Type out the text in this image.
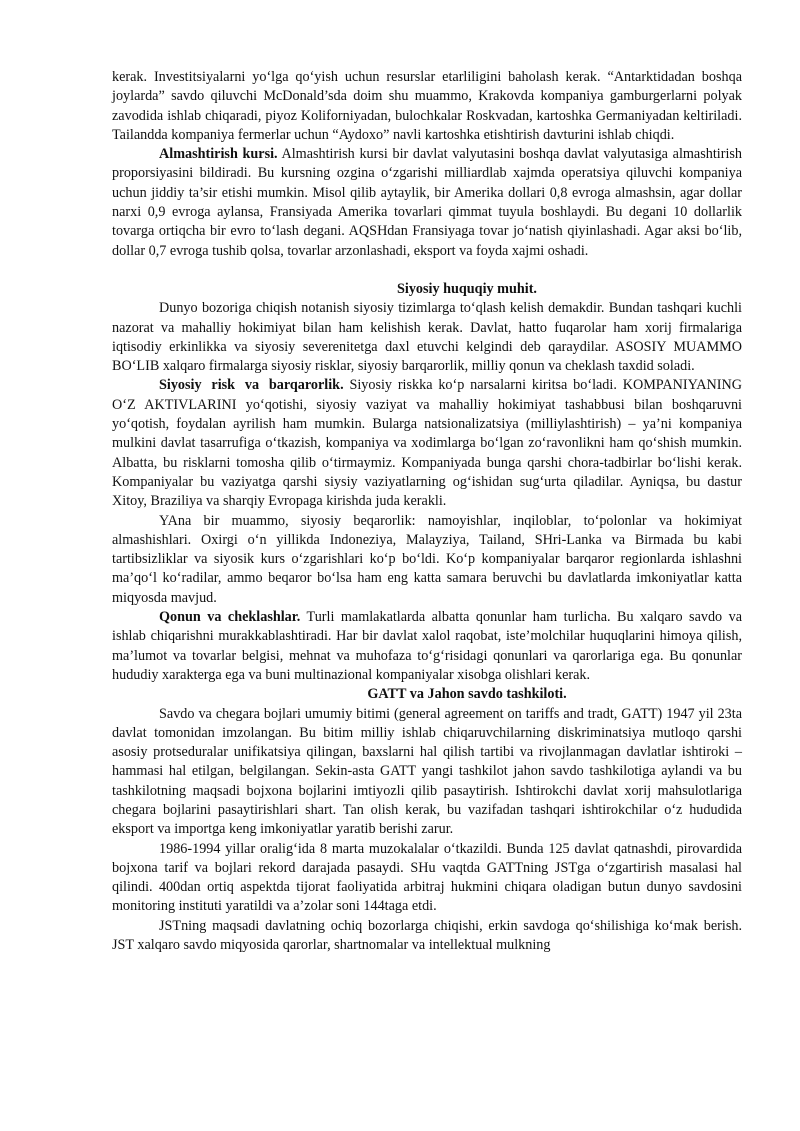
kerak. Investitsiyalarni yo‘lga qo‘yish uchun resurslar etarliligini baholash kerak. “Antarktidadan boshqa joylarda” savdo qiluvchi McDonald’sda doim shu muammo, Krakovda kompaniya gamburgerlarni polyak zavodida ishlab chiqaradi, piyoz Koliforniyadan, bulochkalar Roskvadan, kartoshka Germaniyadan keltiriladi. Tailandda kompaniya fermerlar uchun “Aydoxo” navli kartoshka etishtirish davturini ishlab chiqdi.

Almashtirish kursi. Almashtirish kursi bir davlat valyutasini boshqa davlat valyutasiga almashtirish proporsiyasini bildiradi. Bu kursning ozgina o‘zgarishi milliardlab xajmda operatsiya qiluvchi kompaniya uchun jiddiy ta’sir etishi mumkin. Misol qilib aytaylik, bir Amerika dollari 0,8 evroga almashsin, agar dollar narxi 0,9 evroga aylansa, Fransiyada Amerika tovarlari qimmat tuyula boshlaydi. Bu degani 10 dollarlik tovarga ortiqcha bir evro to‘lash degani. AQSHdan Fransiyaga tovar jo‘natish qiyinlashadi. Agar aksi bo‘lib, dollar 0,7 evroga tushib qolsa, tovarlar arzonlashadi, eksport va foyda xajmi oshadi.

Siyosiy huquqiy muhit.

Dunyo bozoriga chiqish notanish siyosiy tizimlarga to‘qlash kelish demakdir. Bundan tashqari kuchli nazorat va mahalliy hokimiyat bilan ham kelishish kerak. Davlat, hatto fuqarolar ham xorij firmalariga iqtisodiy erkinlikka va siyosiy severenitetga daxl etuvchi kelgindi deb qaraydilar. ASOSIY MUAMMO BO‘LIB xalqaro firmalarga siyosiy risklar, siyosiy barqarorlik, milliy qonun va cheklash taxdid soladi.

Siyosiy risk va barqarorlik. Siyosiy riskka ko‘p narsalarni kiritsa bo‘ladi. KOMPANIYANING O‘Z AKTIVLARINI yo‘qotishi, siyosiy vaziyat va mahalliy hokimiyat tashabbusi bilan boshqaruvni yo‘qotish, foydalan ayrilish ham mumkin. Bularga natsionalizatsiya (milliylashtirish) – ya’ni kompaniya mulkini davlat tasarrufiga o‘tkazish, kompaniya va xodimlarga bo‘lgan zo‘ravonlikni ham qo‘shish mumkin. Albatta, bu risklarni tomosha qilib o‘tirmaymiz. Kompaniyada bunga qarshi chora-tadbirlar bo‘lishi kerak. Kompaniyalar bu vaziyatga qarshi siysiy vaziyatlarning og‘ishidan sug‘urta qiladilar. Ayniqsa, bu dastur Xitoy, Braziliya va sharqiy Evropaga kirishda juda kerakli.

YAna bir muammo, siyosiy beqarorlik: namoyishlar, inqiloblar, to‘polonlar va hokimiyat almashishlari. Oxirgi o‘n yillikda Indoneziya, Malayziya, Tailand, SHri-Lanka va Birmada bu kabi tartibsizliklar va siyosik kurs o‘zgarishlari ko‘p bo‘ldi. Ko‘p kompaniyalar barqaror regionlarda ishlashni ma’qo‘l ko‘radilar, ammo beqaror bo‘lsa ham eng katta samara beruvchi bu davlatlarda imkoniyatlar katta miqyosda mavjud.

Qonun va cheklashlar. Turli mamlakatlarda albatta qonunlar ham turlicha. Bu xalqaro savdo va ishlab chiqarishni murakkablashtiradi. Har bir davlat xalol raqobat, iste’molchilar huquqlarini himoya qilish, ma’lumot va tovarlar belgisi, mehnat va muhofaza to‘g‘risidagi qonunlari va qarorlariga ega. Bu qonunlar hududiy xarakterga ega va buni multinazional kompaniyalar xisobga olishlari kerak.

GATT va Jahon savdo tashkiloti.

Savdo va chegara bojlari umumiy bitimi (general agreement on tariffs and tradt, GATT) 1947 yil 23ta davlat tomonidan imzolangan. Bu bitim milliy ishlab chiqaruvchilarning diskriminatsiya mutloqo qarshi asosiy protseduralar unifikatsiya qilingan, baxslarni hal qilish tartibi va rivojlanmagan davlatlar ishtiroki – hammasi hal etilgan, belgilangan. Sekin-asta GATT yangi tashkilot jahon savdo tashkilotiga aylandi va bu tashkilotning maqsadi bojxona bojlarini imtiyozli qilib pasaytirish. Ishtirokchi davlat xorij mahsulotlariga chegara bojlarini pasaytirishlari shart. Tan olish kerak, bu vazifadan tashqari ishtirokchilar o‘z hududida eksport va importga keng imkoniyatlar yaratib berishi zarur.

1986-1994 yillar oralig‘ida 8 marta muzokalalar o‘tkazildi. Bunda 125 davlat qatnashdi, pirovardida bojxona tarif va bojlari rekord darajada pasaydi. SHu vaqtda GATTning JSTga o‘zgartirish masalasi hal qilindi. 400dan ortiq aspektda tijorat faoliyatida arbitraj hukmini chiqara oladigan butun dunyo savdosini monitoring instituti yaratildi va a’zolar soni 144taga etdi.

JSTning maqsadi davlatning ochiq bozorlarga chiqishi, erkin savdoga qo‘shilishiga ko‘mak berish. JST xalqaro savdo miqyosida qarorlar, shartnomalar va intellektual mulkning
